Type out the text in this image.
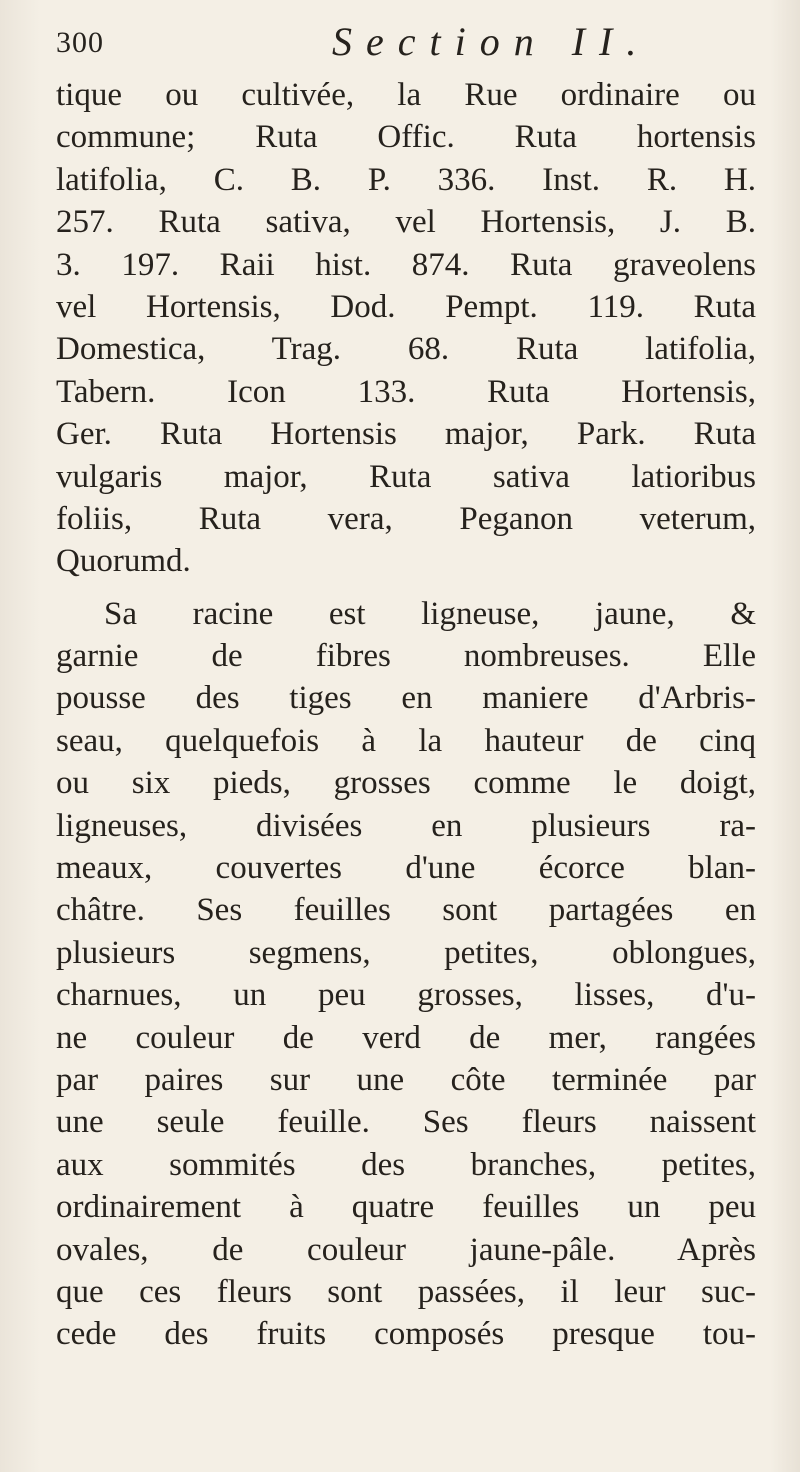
300	Section II.
tique ou cultivée, la Rue ordinaire ou
commune; Ruta Offic. Ruta hortensis
latifolia, C. B. P. 336. Inst. R. H.
257. Ruta sativa, vel Hortensis, J. B.
3. 197. Raii hist. 874. Ruta graveolens
vel Hortensis, Dod. Pempt. 119. Ruta
Domestica, Trag. 68. Ruta latifolia,
Tabern. Icon 133. Ruta Hortensis,
Ger. Ruta Hortensis major, Park. Ruta
vulgaris major, Ruta sativa latioribus
foliis, Ruta vera, Peganon veterum,
Quorumd.
Sa racine est ligneuse, jaune, &
garnie de fibres nombreuses. Elle
pousse des tiges en maniere d'Arbris-
seau, quelquefois à la hauteur de cinq
ou six pieds, grosses comme le doigt,
ligneuses, divisées en plusieurs ra-
meaux, couvertes d'une écorce blan-
châtre. Ses feuilles sont partagées en
plusieurs segmens, petites, oblongues,
charnues, un peu grosses, lisses, d'u-
ne couleur de verd de mer, rangées
par paires sur une côte terminée par
une seule feuille. Ses fleurs naissent
aux sommités des branches, petites,
ordinairement à quatre feuilles un peu
ovales, de couleur jaune-pâle. Après
que ces fleurs sont passées, il leur suc-
cede des fruits composés presque tou-
